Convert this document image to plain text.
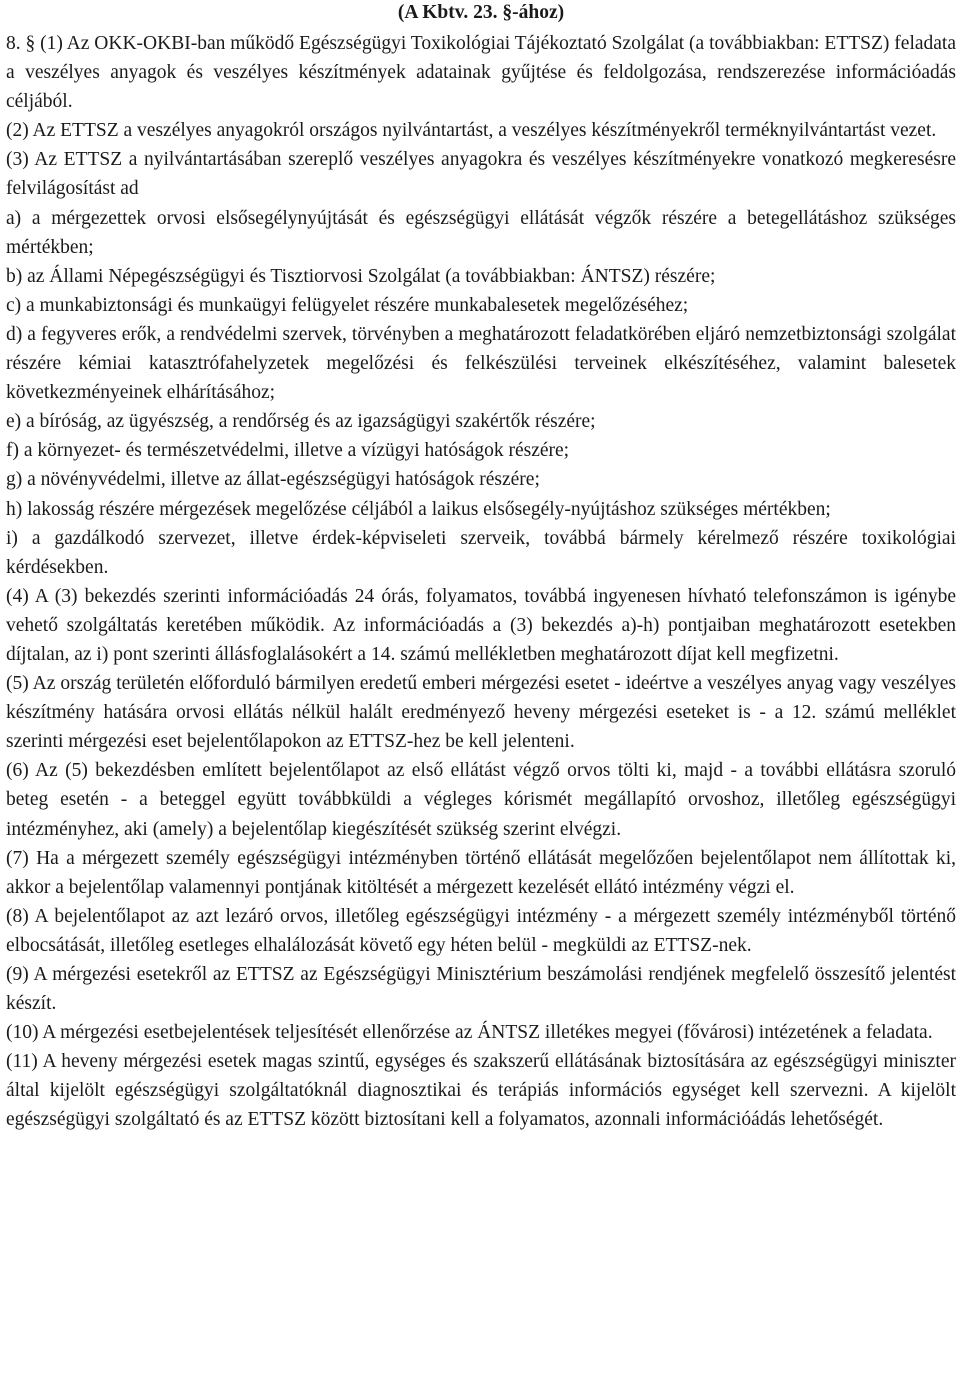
(A Kbtv. 23. §-ához)

8. § (1) Az OKK-OKBI-ban működő Egészségügyi Toxikológiai Tájékoztató Szolgálat (a továbbiakban: ETTSZ) feladata a veszélyes anyagok és veszélyes készítmények adatainak gyűjtése és feldolgozása, rendszerezése információadás céljából.

(2) Az ETTSZ a veszélyes anyagokról országos nyilvántartást, a veszélyes készítményekről terméknyilvántartást vezet.

(3) Az ETTSZ a nyilvántartásában szereplő veszélyes anyagokra és veszélyes készítményekre vonatkozó megkeresésre felvilágosítást ad

a) a mérgezettek orvosi elsősegélynyújtását és egészségügyi ellátását végzők részére a betegellátáshoz szükséges mértékben;

b) az Állami Népegészségügyi és Tisztiorvosi Szolgálat (a továbbiakban: ÁNTSZ) részére;

c) a munkabiztonsági és munkaügyi felügyelet részére munkabalesetek megelőzéséhez;

d) a fegyveres erők, a rendvédelmi szervek, törvényben a meghatározott feladatkörében eljáró nemzetbiztonsági szolgálat részére kémiai katasztrófahelyzetek megelőzési és felkészülési terveinek elkészítéséhez, valamint balesetek következményeinek elhárításához;

e) a bíróság, az ügyészség, a rendőrség és az igazságügyi szakértők részére;

f) a környezet- és természetvédelmi, illetve a vízügyi hatóságok részére;

g) a növényvédelmi, illetve az állat-egészségügyi hatóságok részére;

h) lakosság részére mérgezések megelőzése céljából a laikus elsősegély-nyújtáshoz szükséges mértékben;

i) a gazdálkodó szervezet, illetve érdek-képviseleti szerveik, továbbá bármely kérelmező részére toxikológiai kérdésekben.

(4) A (3) bekezdés szerinti információadás 24 órás, folyamatos, továbbá ingyenesen hívható telefonszámon is igénybe vehető szolgáltatás keretében működik. Az információadás a (3) bekezdés a)-h) pontjaiban meghatározott esetekben díjtalan, az i) pont szerinti állásfoglalásokért a 14. számú mellékletben meghatározott díjat kell megfizetni.

(5) Az ország területén előforduló bármilyen eredetű emberi mérgezési esetet - ideértve a veszélyes anyag vagy veszélyes készítmény hatására orvosi ellátás nélkül halált eredményező heveny mérgezési eseteket is - a 12. számú melléklet szerinti mérgezési eset bejelentőlapokon az ETTSZ-hez be kell jelenteni.

(6) Az (5) bekezdésben említett bejelentőlapot az első ellátást végző orvos tölti ki, majd - a további ellátásra szoruló beteg esetén - a beteggel együtt továbbküldi a végleges kórismét megállapító orvoshoz, illetőleg egészségügyi intézményhez, aki (amely) a bejelentőlap kiegészítését szükség szerint elvégzi.

(7) Ha a mérgezett személy egészségügyi intézményben történő ellátását megelőzően bejelentőlapot nem állítottak ki, akkor a bejelentőlap valamennyi pontjának kitöltését a mérgezett kezelését ellátó intézmény végzi el.

(8) A bejelentőlapot az azt lezáró orvos, illetőleg egészségügyi intézmény - a mérgezett személy intézményből történő elbocsátását, illetőleg esetleges elhalálozását követő egy héten belül - megküldi az ETTSZ-nek.

(9) A mérgezési esetekről az ETTSZ az Egészségügyi Minisztérium beszámolási rendjének megfelelő összesítő jelentést készít.

(10) A mérgezési esetbejelentések teljesítését ellenőrzése az ÁNTSZ illetékes megyei (fővárosi) intézetének a feladata.

(11) A heveny mérgezési esetek magas szintű, egységes és szakszerű ellátásának biztosítására az egészségügyi miniszter által kijelölt egészségügyi szolgáltatóknál diagnosztikai és terápiás információs egységet kell szervezni. A kijelölt egészségügyi szolgáltató és az ETTSZ között biztosítani kell a folyamatos, azonnali információádás lehetőségét.
